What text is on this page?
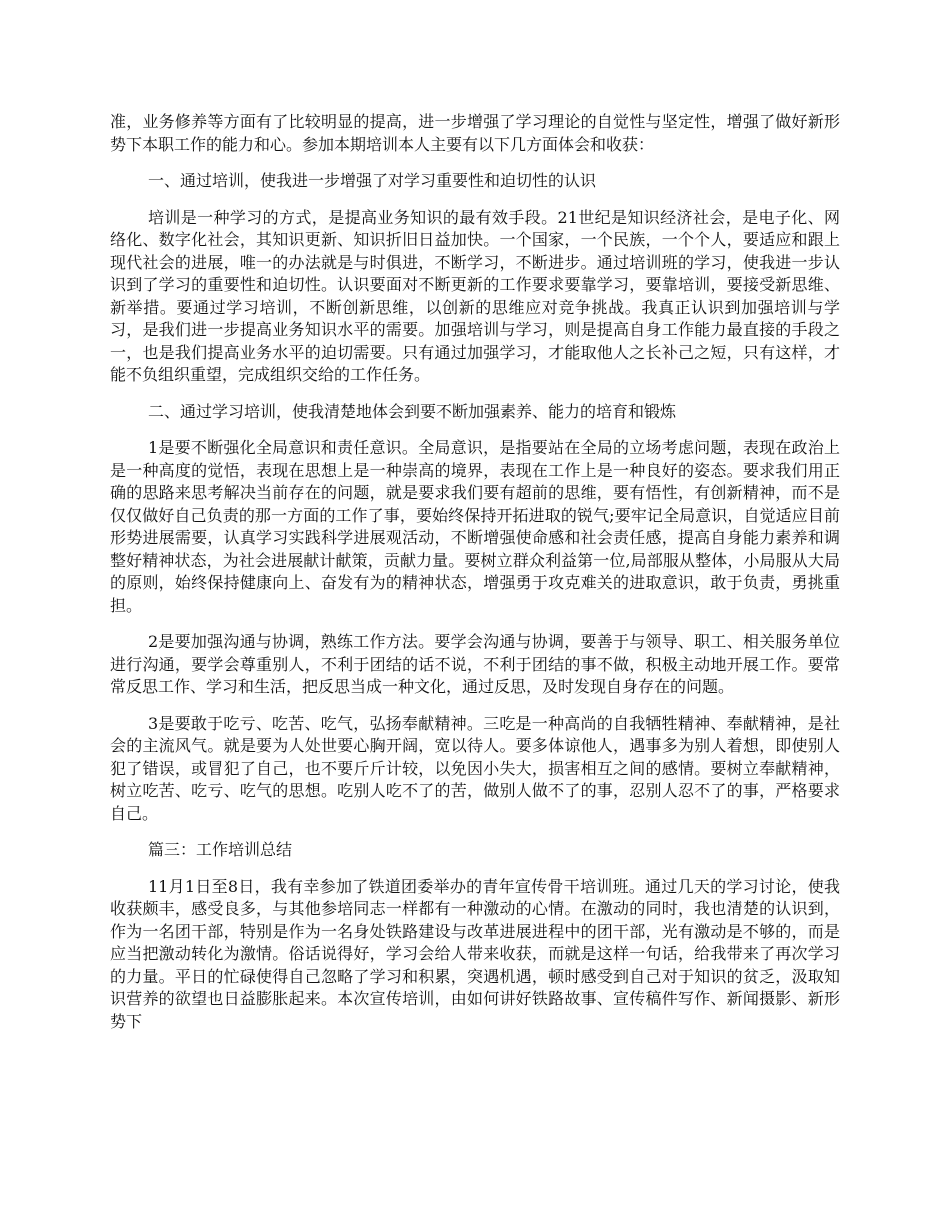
准，业务修养等方面有了比较明显的提高，进一步增强了学习理论的自觉性与坚定性，增强了做好新形势下本职工作的能力和心。参加本期培训本人主要有以下几方面体会和收获：

一、通过培训，使我进一步增强了对学习重要性和迫切性的认识

培训是一种学习的方式，是提高业务知识的最有效手段。21世纪是知识经济社会，是电子化、网络化、数字化社会，其知识更新、知识折旧日益加快。一个国家，一个民族，一个个人，要适应和跟上现代社会的进展，唯一的办法就是与时俱进，不断学习，不断进步。通过培训班的学习，使我进一步认识到了学习的重要性和迫切性。认识要面对不断更新的工作要求要靠学习，要靠培训，要接受新思维、新举措。要通过学习培训，不断创新思维，以创新的思维应对竞争挑战。我真正认识到加强培训与学习，是我们进一步提高业务知识水平的需要。加强培训与学习，则是提高自身工作能力最直接的手段之一，也是我们提高业务水平的迫切需要。只有通过加强学习，才能取他人之长补己之短，只有这样，才能不负组织重望，完成组织交给的工作任务。

二、通过学习培训，使我清楚地体会到要不断加强素养、能力的培育和锻炼

1是要不断强化全局意识和责任意识。全局意识，是指要站在全局的立场考虑问题，表现在政治上是一种高度的觉悟，表现在思想上是一种崇高的境界，表现在工作上是一种良好的姿态。要求我们用正确的思路来思考解决当前存在的问题，就是要求我们要有超前的思维，要有悟性，有创新精神，而不是仅仅做好自己负责的那一方面的工作了事，要始终保持开拓进取的锐气;要牢记全局意识，自觉适应目前形势进展需要，认真学习实践科学进展观活动，不断增强使命感和社会责任感，提高自身能力素养和调整好精神状态，为社会进展献计献策，贡献力量。要树立群众利益第一位,局部服从整体，小局服从大局的原则，始终保持健康向上、奋发有为的精神状态，增强勇于攻克难关的进取意识，敢于负责，勇挑重担。

2是要加强沟通与协调，熟练工作方法。要学会沟通与协调，要善于与领导、职工、相关服务单位进行沟通，要学会尊重别人，不利于团结的话不说，不利于团结的事不做，积极主动地开展工作。要常常反思工作、学习和生活，把反思当成一种文化，通过反思，及时发现自身存在的问题。

3是要敢于吃亏、吃苦、吃气，弘扬奉献精神。三吃是一种高尚的自我牺牲精神、奉献精神，是社会的主流风气。就是要为人处世要心胸开阔，宽以待人。要多体谅他人，遇事多为别人着想，即使别人犯了错误，或冒犯了自己，也不要斤斤计较，以免因小失大，损害相互之间的感情。要树立奉献精神，树立吃苦、吃亏、吃气的思想。吃别人吃不了的苦，做别人做不了的事，忍别人忍不了的事，严格要求自己。

篇三：工作培训总结

11月1日至8日，我有幸参加了铁道团委举办的青年宣传骨干培训班。通过几天的学习讨论，使我收获颇丰，感受良多，与其他参培同志一样都有一种激动的心情。在激动的同时，我也清楚的认识到，作为一名团干部，特别是作为一名身处铁路建设与改革进展进程中的团干部，光有激动是不够的，而是应当把激动转化为激情。俗话说得好，学习会给人带来收获，而就是这样一句话，给我带来了再次学习的力量。平日的忙碌使得自己忽略了学习和积累，突遇机遇，顿时感受到自己对于知识的贫乏，汲取知识营养的欲望也日益膨胀起来。本次宣传培训，由如何讲好铁路故事、宣传稿件写作、新闻摄影、新形势下
